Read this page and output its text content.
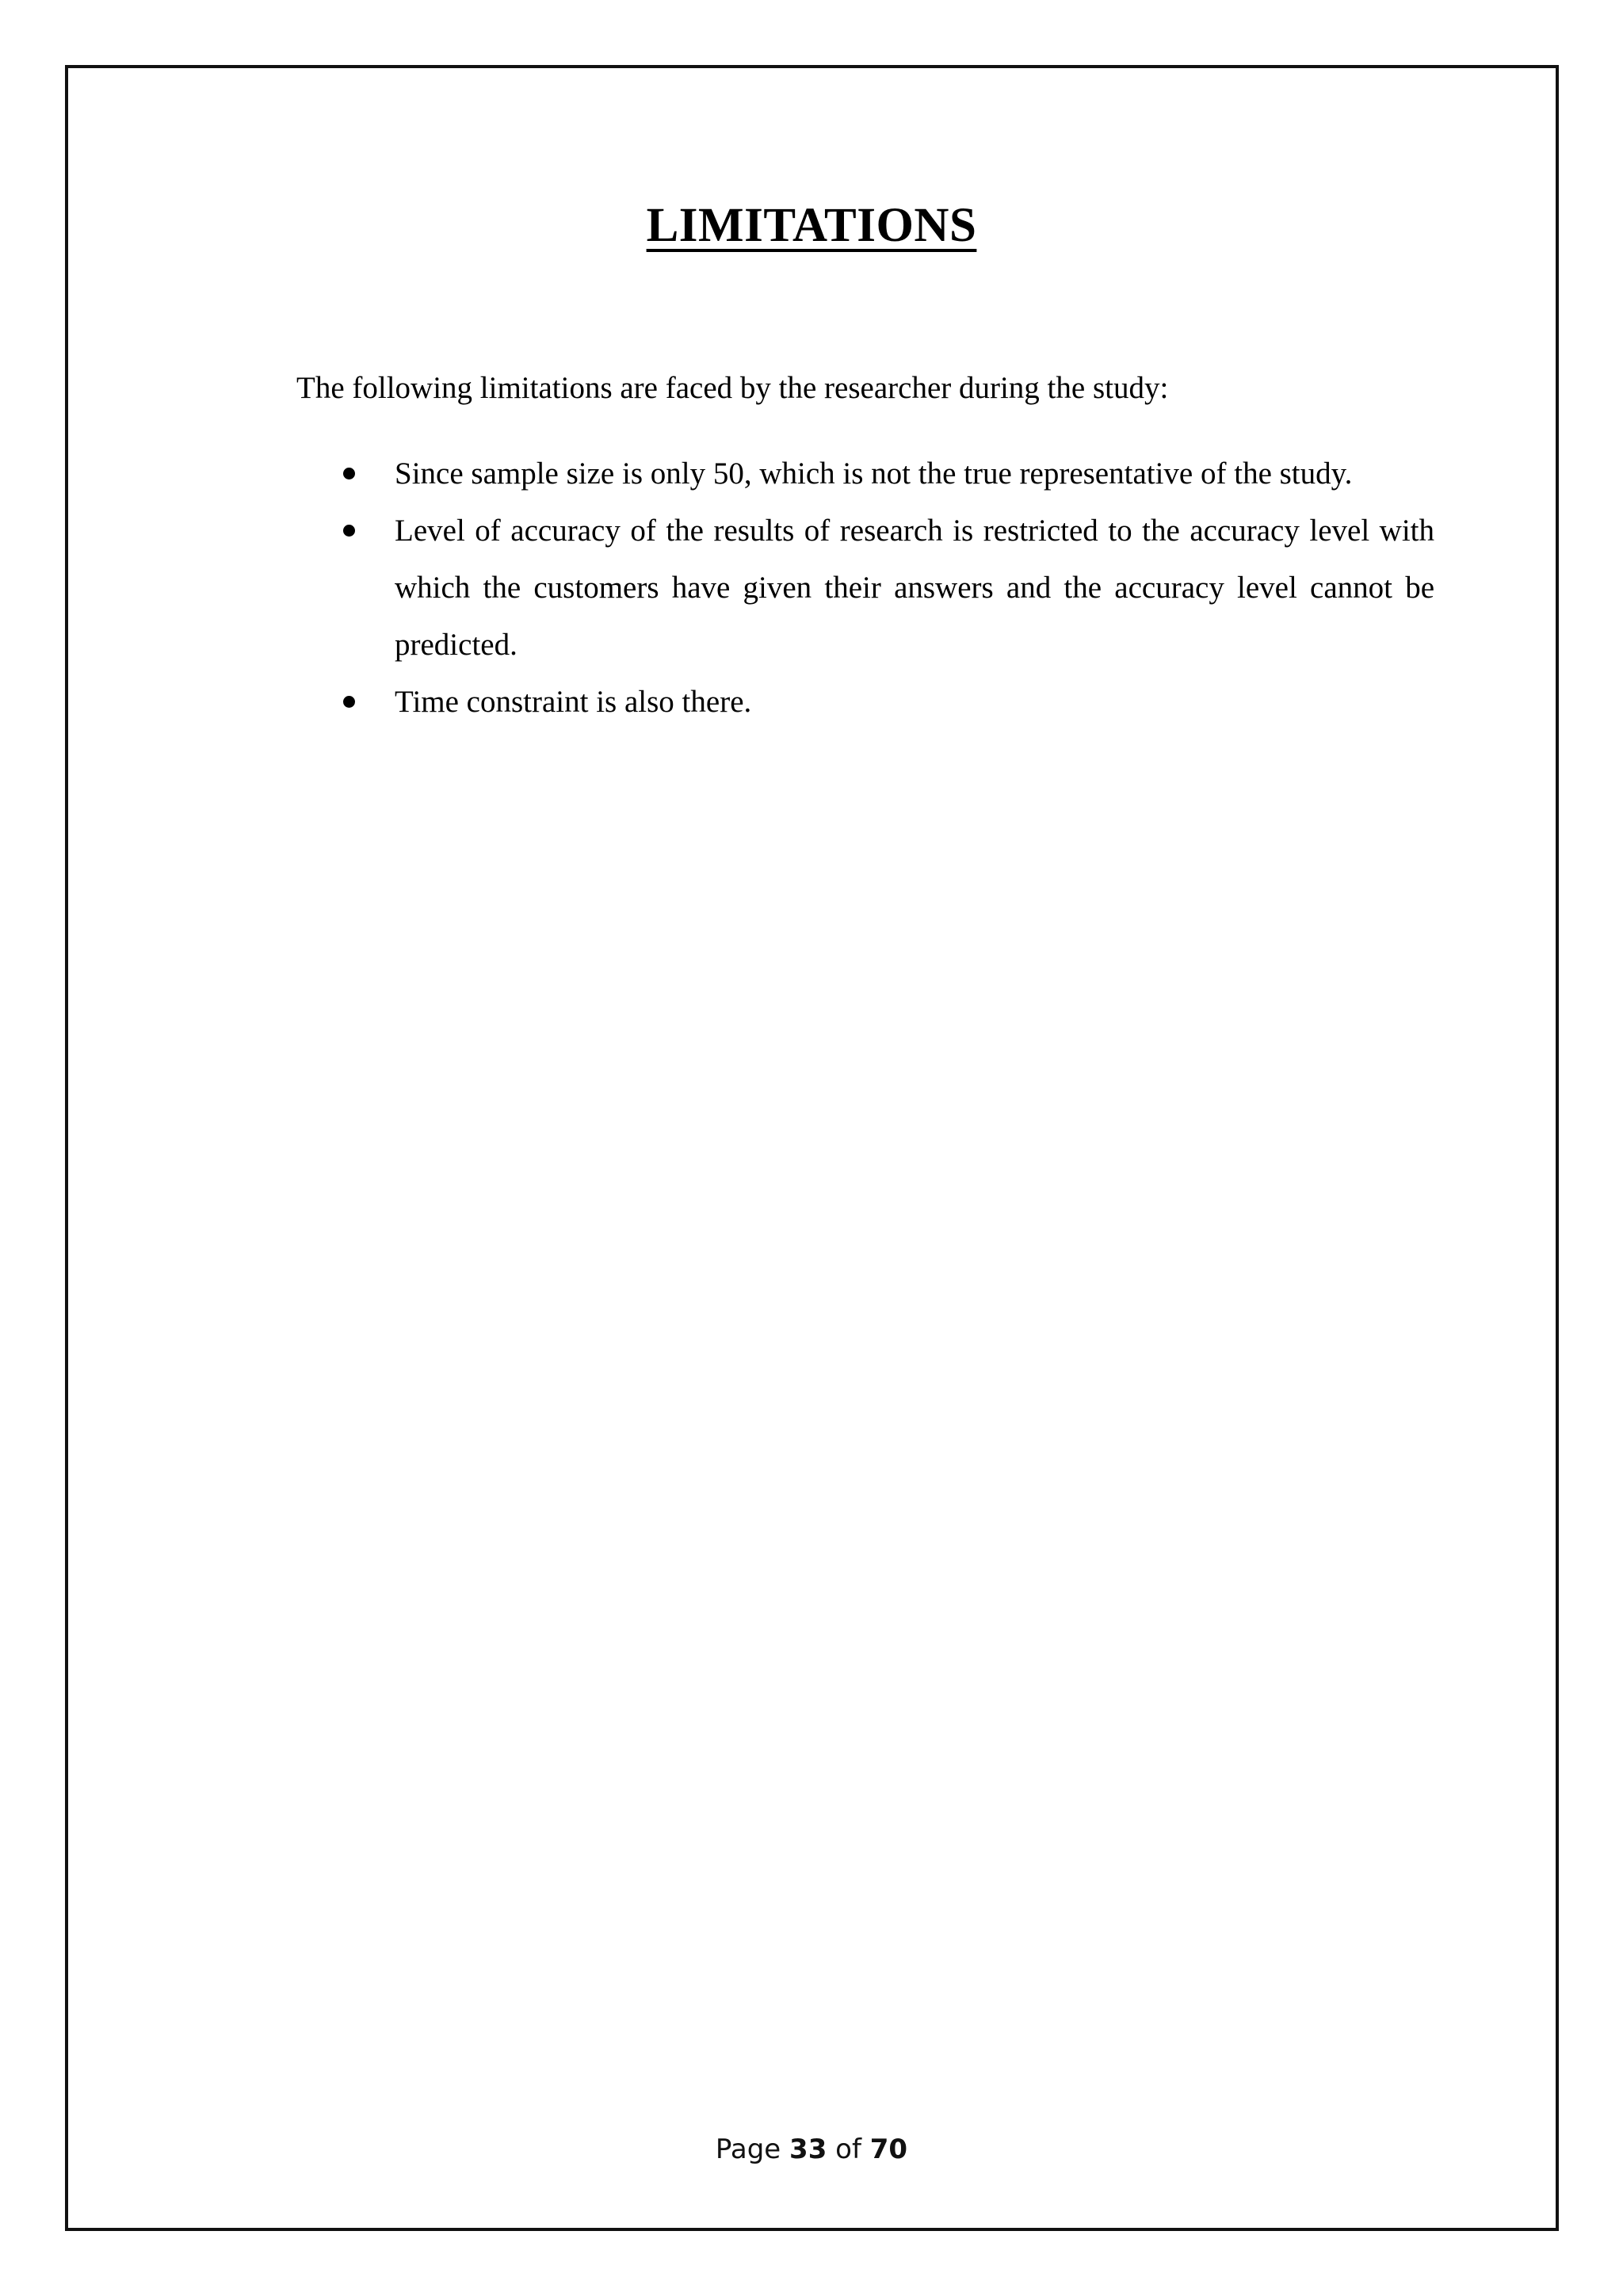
LIMITATIONS
The following limitations are faced by the researcher during the study:
Since sample size is only 50, which is not the true representative of the study.
Level of accuracy of the results of research is restricted to the accuracy level with which the customers have given their answers and the accuracy level cannot be predicted.
Time constraint is also there.
Page 33 of 70
